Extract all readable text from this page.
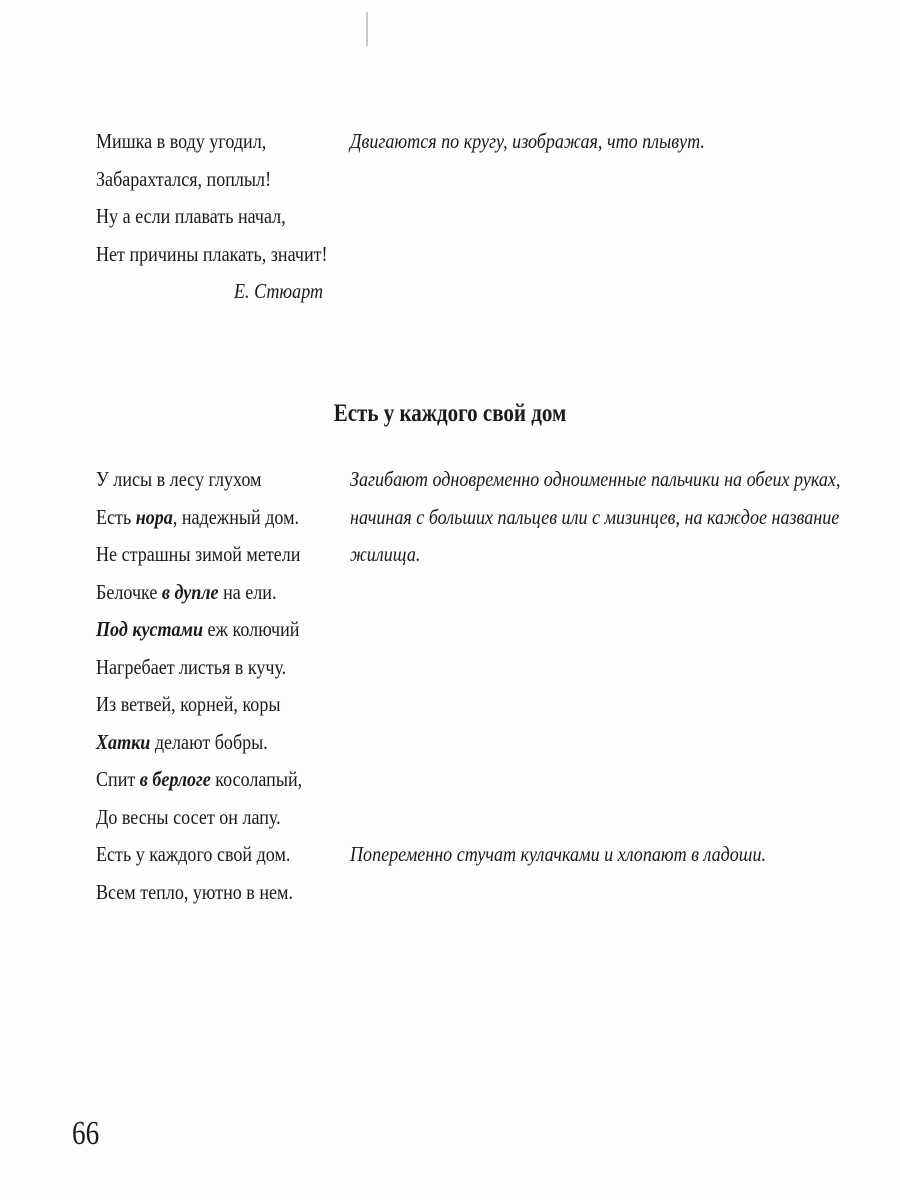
Мишка в воду угодил,
Забарахтался, поплыл!
Ну а если плавать начал,
Нет причины плакать, значит!
Е. Стюарт
Двигаются по кругу, изображая, что плывут.
Есть у каждого свой дом
У лисы в лесу глухом
Есть нора, надежный дом.
Не страшны зимой метели
Белочке в дупле на ели.
Под кустами еж колючий
Нагребает листья в кучу.
Из ветвей, корней, коры
Хатки делают бобры.
Спит в берлоге косолапый,
До весны сосет он лапу.
Есть у каждого свой дом.
Всем тепло, уютно в нем.
Загибают одновременно одноименные пальчики на обеих руках,
начиная с больших пальцев или с мизинцев, на каждое название
жилища.
Попеременно стучат кулачками и хлопают в ладоши.
66
